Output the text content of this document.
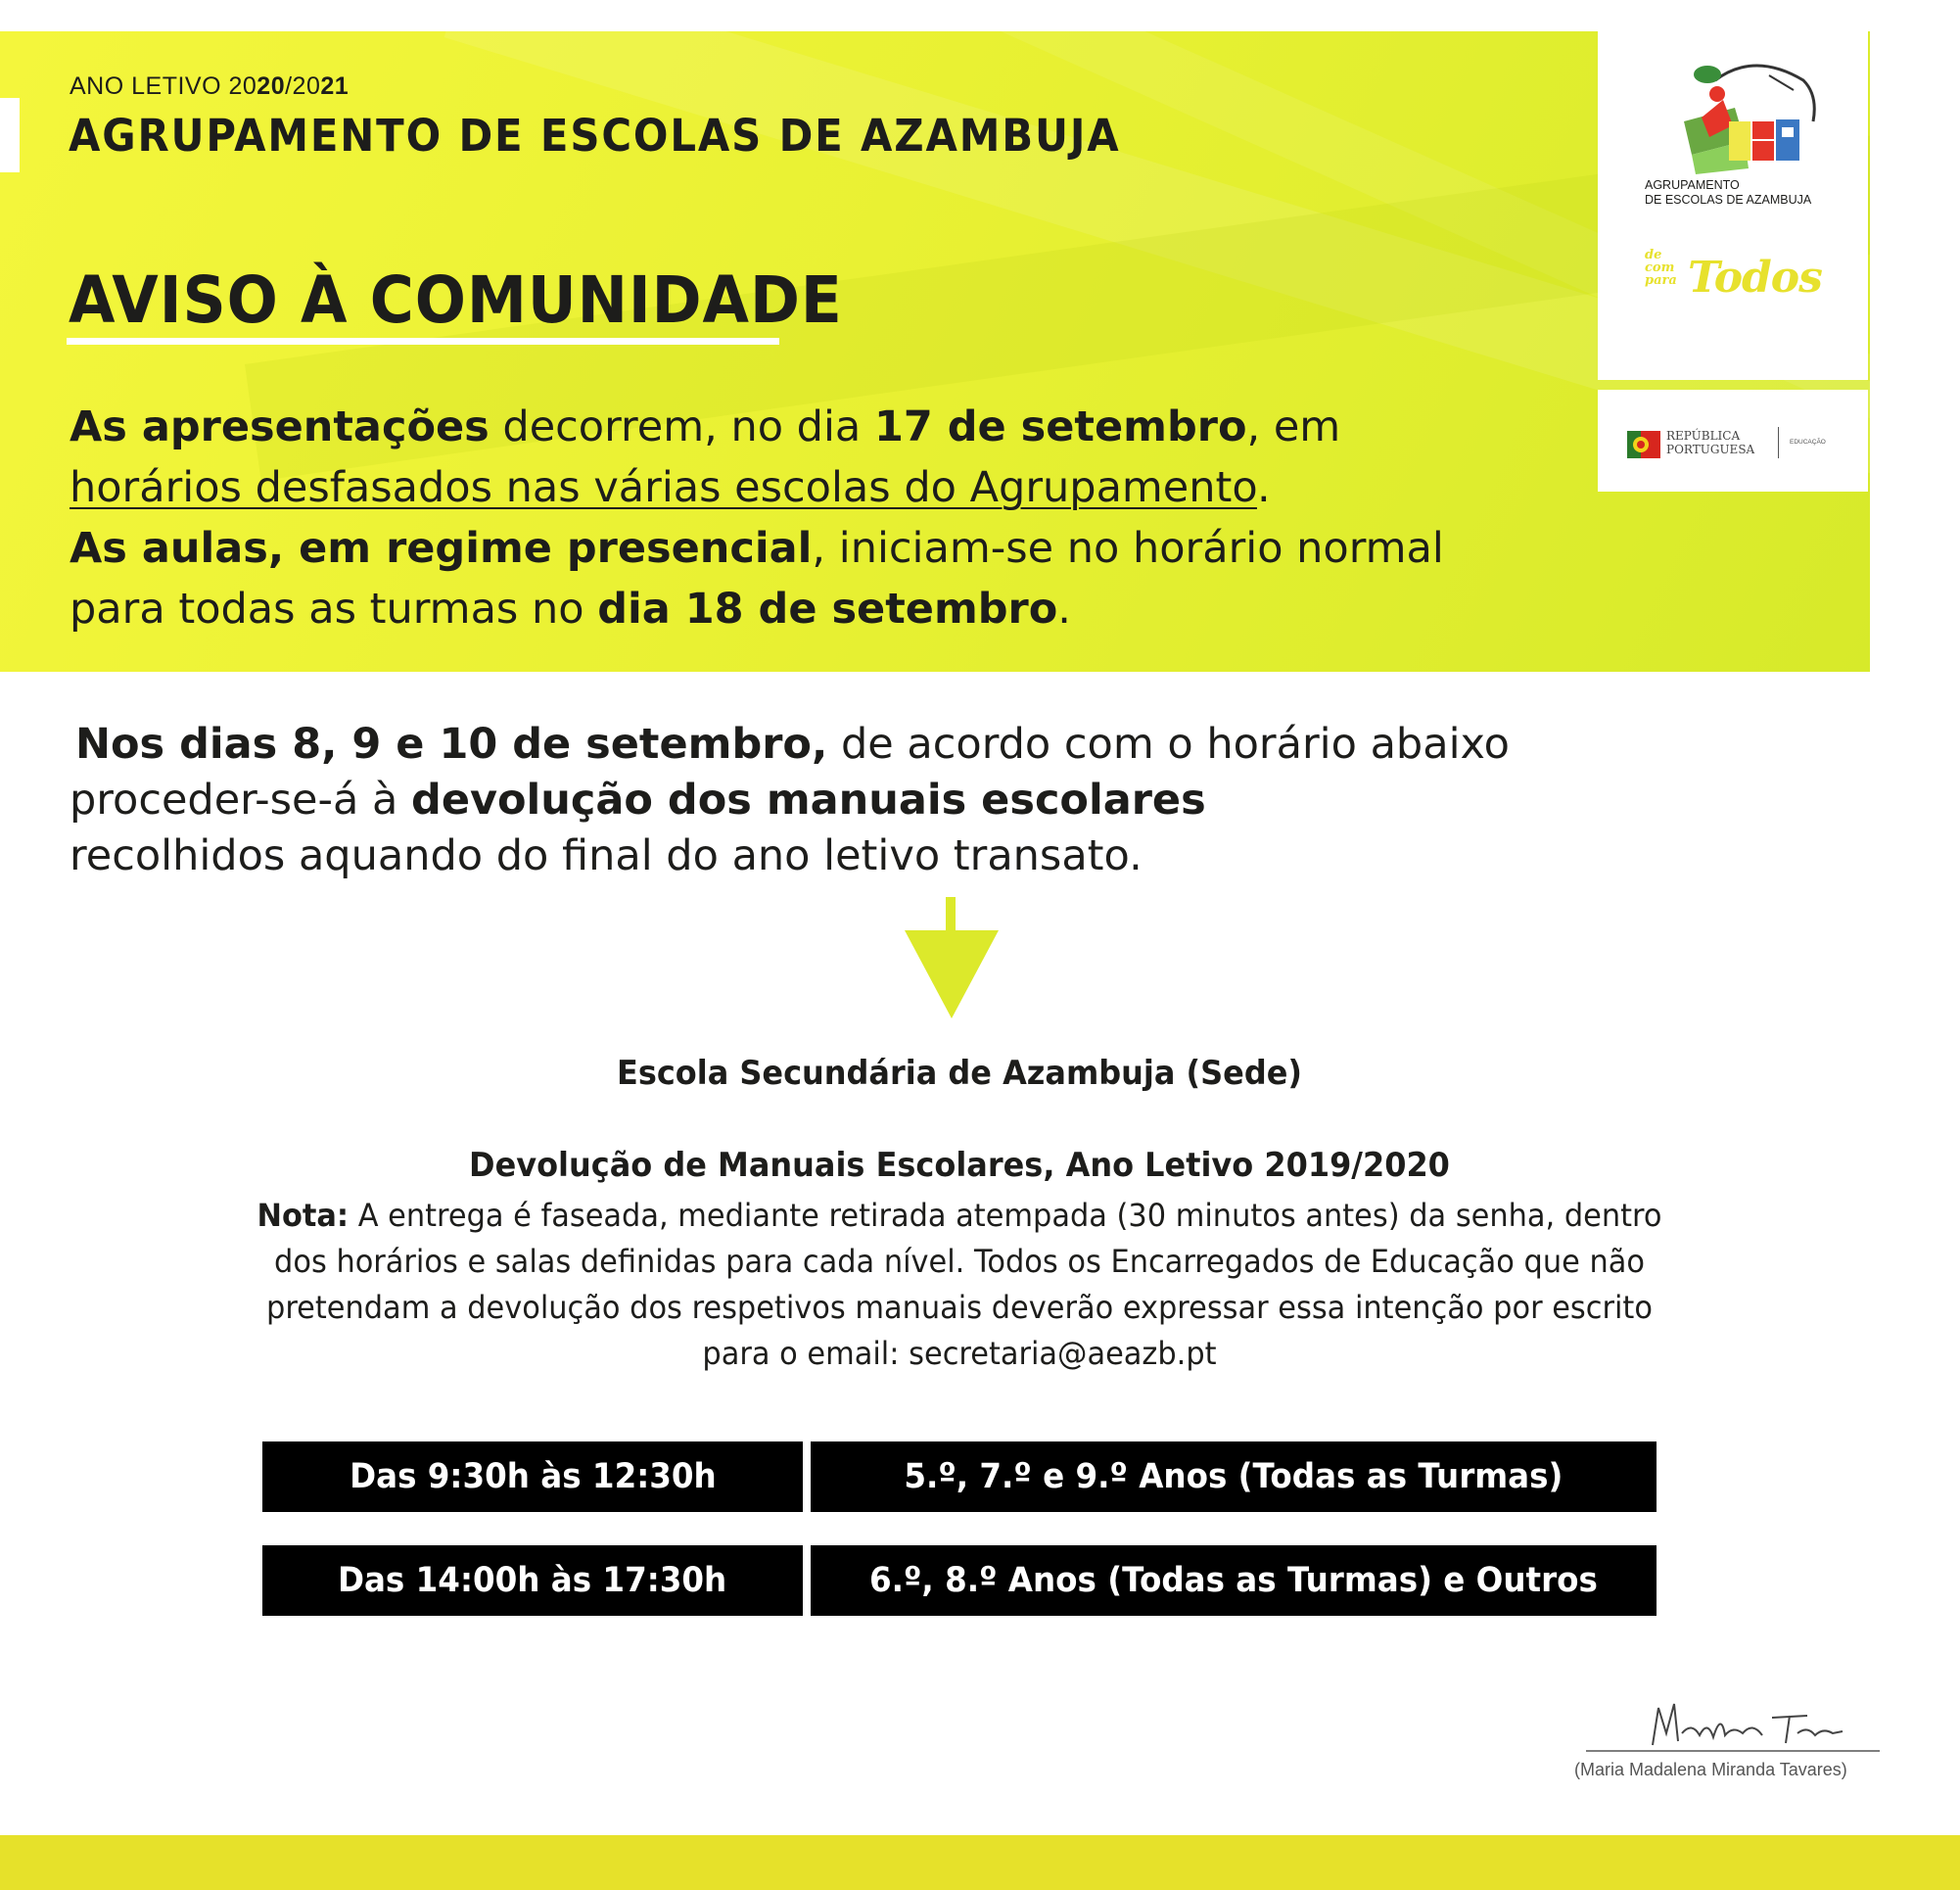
ANO LETIVO 2020/2021
AGRUPAMENTO DE ESCOLAS DE AZAMBUJA
AVISO À COMUNIDADE
As apresentações decorrem, no dia 17 de setembro, em
horários desfasados nas várias escolas do Agrupamento.
As aulas, em regime presencial, iniciam-se no horário normal
para todas as turmas no dia 18 de setembro.
AGRUPAMENTO
DE ESCOLAS DE AZAMBUJA
de com para Todos
REPÚBLICA
PORTUGUESA
EDUCAÇÃO
Nos dias 8, 9 e 10 de setembro, de acordo com o horário abaixo
proceder-se-á à devolução dos manuais escolares
recolhidos aquando do final do ano letivo transato.
Escola Secundária de Azambuja (Sede)
Devolução de Manuais Escolares, Ano Letivo 2019/2020
Nota: A entrega é faseada, mediante retirada atempada (30 minutos antes) da senha, dentro
dos horários e salas definidas para cada nível. Todos os Encarregados de Educação que não
pretendam a devolução dos respetivos manuais deverão expressar essa intenção por escrito
para o email: secretaria@aeazb.pt
Das 9:30h às 12:30h	5.º, 7.º e 9.º Anos (Todas as Turmas)
Das 14:00h às 17:30h	6.º, 8.º Anos (Todas as Turmas) e Outros
(Maria Madalena Miranda Tavares)
